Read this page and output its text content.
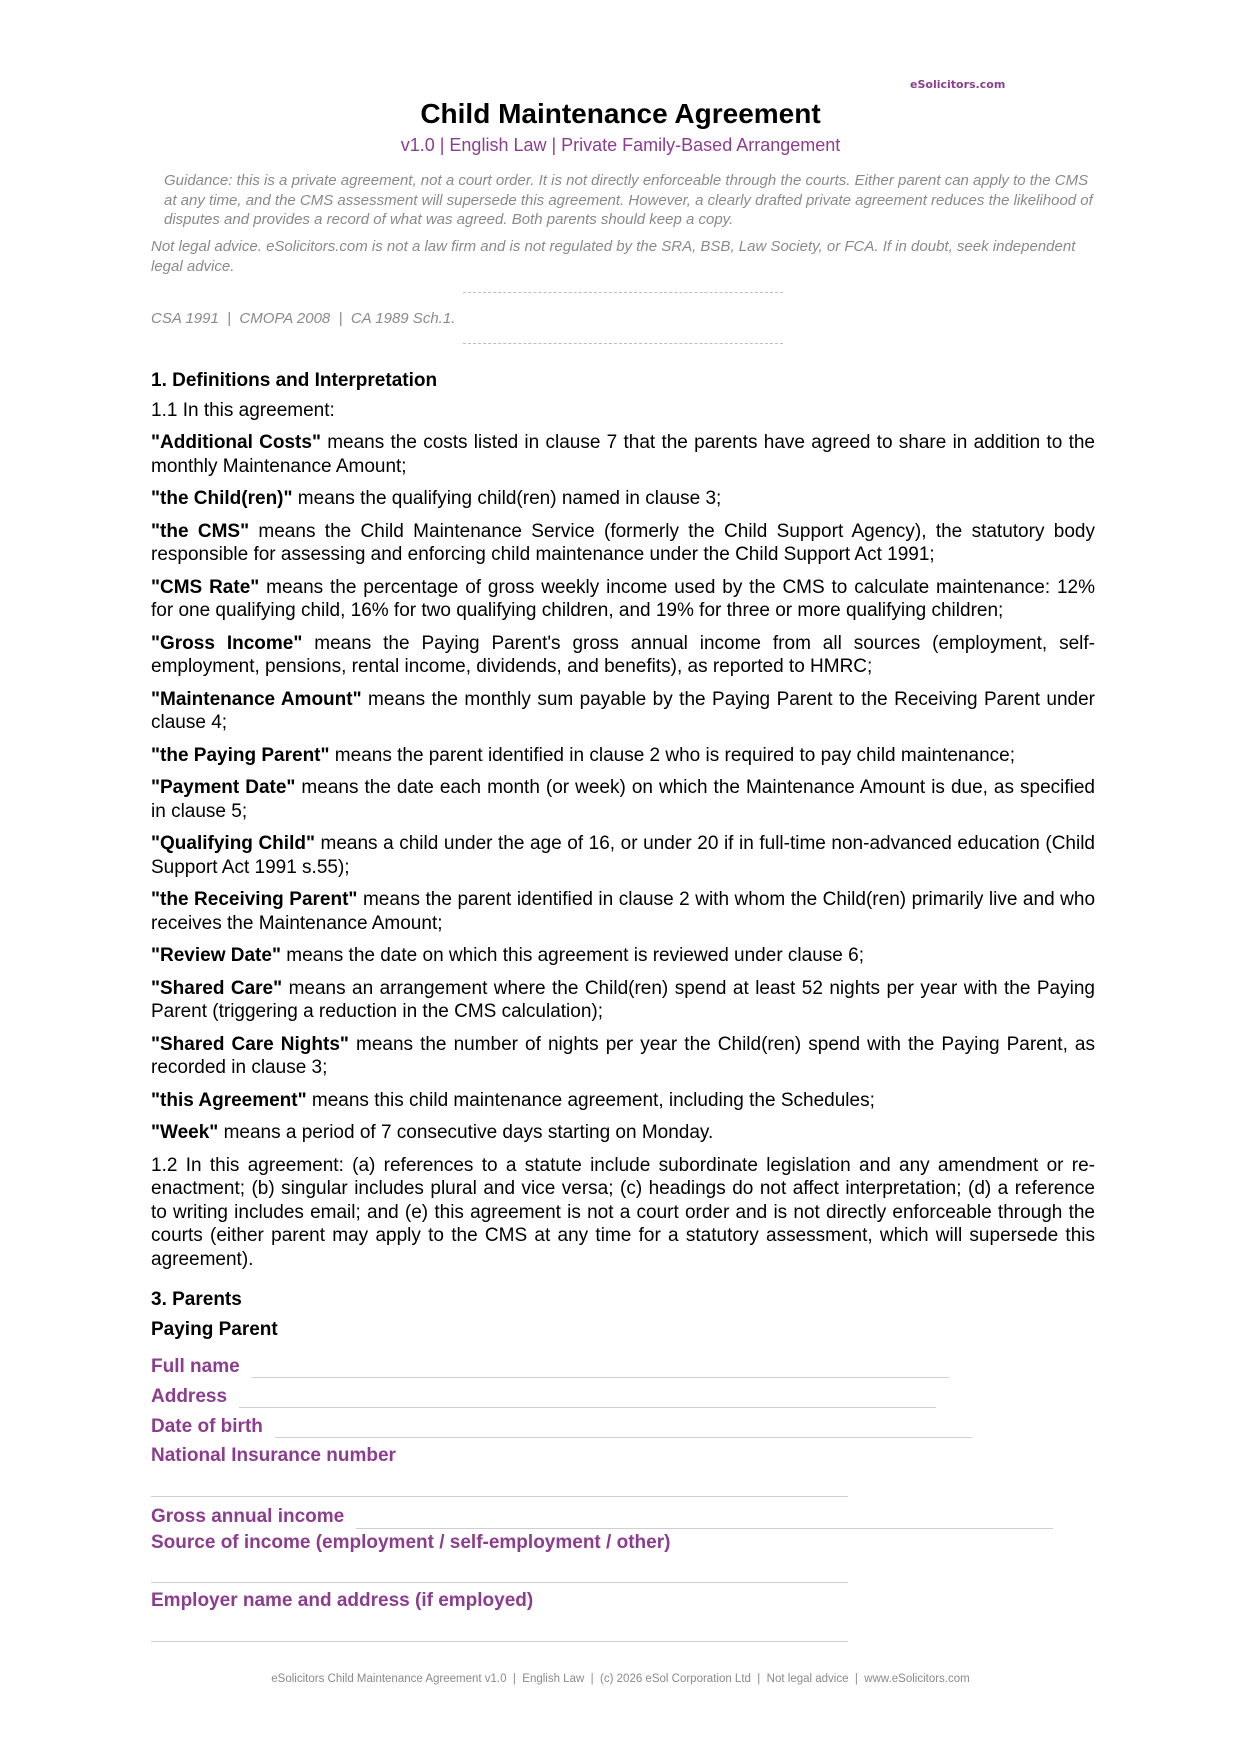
eSolicitors.com
Child Maintenance Agreement
v1.0 | English Law | Private Family-Based Arrangement
Guidance: this is a private agreement, not a court order. It is not directly enforceable through the courts. Either parent can apply to the CMS at any time, and the CMS assessment will supersede this agreement. However, a clearly drafted private agreement reduces the likelihood of disputes and provides a record of what was agreed. Both parents should keep a copy.
Not legal advice. eSolicitors.com is not a law firm and is not regulated by the SRA, BSB, Law Society, or FCA. If in doubt, seek independent legal advice.
CSA 1991  |  CMOPA 2008  |  CA 1989 Sch.1.
1. Definitions and Interpretation
1.1 In this agreement:
"Additional Costs" means the costs listed in clause 7 that the parents have agreed to share in addition to the monthly Maintenance Amount;
"the Child(ren)" means the qualifying child(ren) named in clause 3;
"the CMS" means the Child Maintenance Service (formerly the Child Support Agency), the statutory body responsible for assessing and enforcing child maintenance under the Child Support Act 1991;
"CMS Rate" means the percentage of gross weekly income used by the CMS to calculate maintenance: 12% for one qualifying child, 16% for two qualifying children, and 19% for three or more qualifying children;
"Gross Income" means the Paying Parent's gross annual income from all sources (employment, self-employment, pensions, rental income, dividends, and benefits), as reported to HMRC;
"Maintenance Amount" means the monthly sum payable by the Paying Parent to the Receiving Parent under clause 4;
"the Paying Parent" means the parent identified in clause 2 who is required to pay child maintenance;
"Payment Date" means the date each month (or week) on which the Maintenance Amount is due, as specified in clause 5;
"Qualifying Child" means a child under the age of 16, or under 20 if in full-time non-advanced education (Child Support Act 1991 s.55);
"the Receiving Parent" means the parent identified in clause 2 with whom the Child(ren) primarily live and who receives the Maintenance Amount;
"Review Date" means the date on which this agreement is reviewed under clause 6;
"Shared Care" means an arrangement where the Child(ren) spend at least 52 nights per year with the Paying Parent (triggering a reduction in the CMS calculation);
"Shared Care Nights" means the number of nights per year the Child(ren) spend with the Paying Parent, as recorded in clause 3;
"this Agreement" means this child maintenance agreement, including the Schedules;
"Week" means a period of 7 consecutive days starting on Monday.
1.2 In this agreement: (a) references to a statute include subordinate legislation and any amendment or re-enactment; (b) singular includes plural and vice versa; (c) headings do not affect interpretation; (d) a reference to writing includes email; and (e) this agreement is not a court order and is not directly enforceable through the courts (either parent may apply to the CMS at any time for a statutory assessment, which will supersede this agreement).
3. Parents
Paying Parent
Full name
Address
Date of birth
National Insurance number
Gross annual income
Source of income (employment / self-employment / other)
Employer name and address (if employed)
eSolicitors Child Maintenance Agreement v1.0  |  English Law  |  (c) 2026 eSol Corporation Ltd  |  Not legal advice  |  www.eSolicitors.com
